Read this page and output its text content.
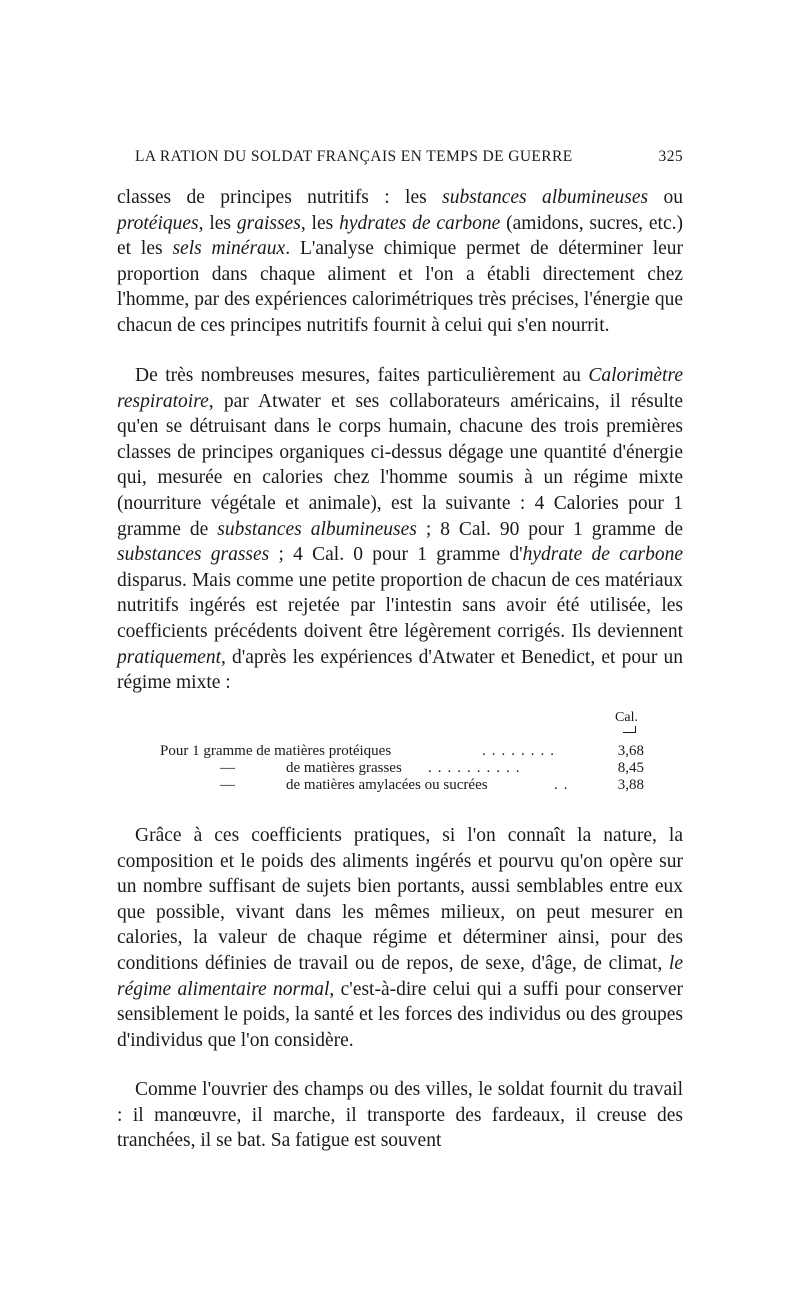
LA RATION DU SOLDAT FRANÇAIS EN TEMPS DE GUERRE	325

classes de principes nutritifs : les substances albumineuses ou protéiques, les graisses, les hydrates de carbone (amidons, sucres, etc.) et les sels minéraux. L'analyse chimique permet de déterminer leur proportion dans chaque aliment et l'on a établi directement chez l'homme, par des expériences calorimétriques très précises, l'énergie que chacun de ces principes nutritifs fournit à celui qui s'en nourrit.

De très nombreuses mesures, faites particulièrement au Calorimètre respiratoire, par Atwater et ses collaborateurs américains, il résulte qu'en se détruisant dans le corps humain, chacune des trois premières classes de principes organiques ci-dessus dégage une quantité d'énergie qui, mesurée en calories chez l'homme soumis à un régime mixte (nourriture végétale et animale), est la suivante : 4 Calories pour 1 gramme de substances albumineuses ; 8 Cal. 90 pour 1 gramme de substances grasses ; 4 Cal. 0 pour 1 gramme d'hydrate de carbone disparus. Mais comme une petite proportion de chacun de ces matériaux nutritifs ingérés est rejetée par l'intestin sans avoir été utilisée, les coefficients précédents doivent être légèrement corrigés. Ils deviennent pratiquement, d'après les expériences d'Atwater et Benedict, et pour un régime mixte :

Cal.
Pour 1 gramme de matières protéiques	........	3,68
—	de matières grasses ..........	8,45
—	de matières amylacées ou sucrées	..	3,88

Grâce à ces coefficients pratiques, si l'on connaît la nature, la composition et le poids des aliments ingérés et pourvu qu'on opère sur un nombre suffisant de sujets bien portants, aussi semblables entre eux que possible, vivant dans les mêmes milieux, on peut mesurer en calories, la valeur de chaque régime et déterminer ainsi, pour des conditions définies de travail ou de repos, de sexe, d'âge, de climat, le régime alimentaire normal, c'est-à-dire celui qui a suffi pour conserver sensiblement le poids, la santé et les forces des individus ou des groupes d'individus que l'on considère.

Comme l'ouvrier des champs ou des villes, le soldat fournit du travail : il manœuvre, il marche, il transporte des fardeaux, il creuse des tranchées, il se bat. Sa fatigue est souvent
